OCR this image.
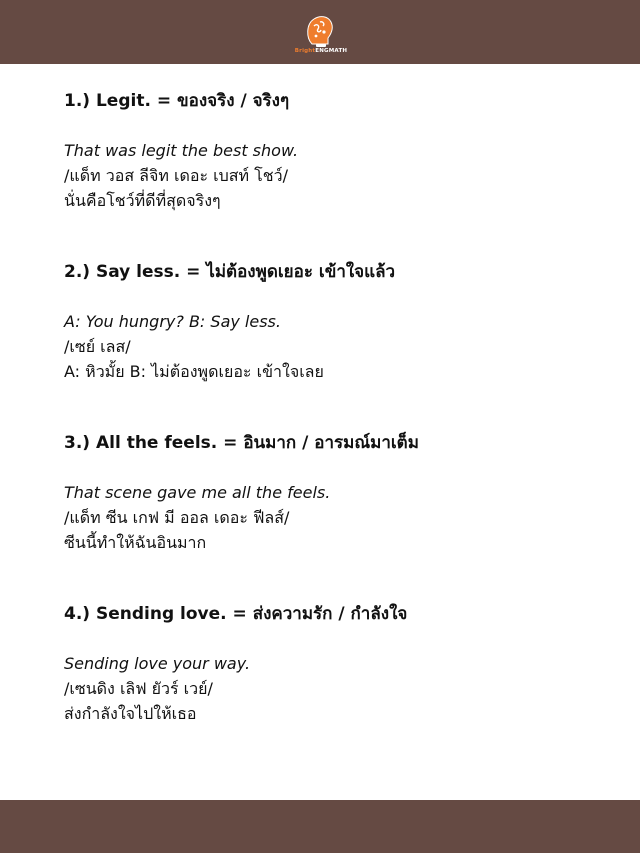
BrightENGMATH

1.) Legit. = ของจริง / จริงๆ

That was legit the best show.

/แด็ท วอส ลีจิท เดอะ เบสท์ โชว์/

นั่นคือโชว์ที่ดีที่สุดจริงๆ

2.) Say less. = ไม่ต้องพูดเยอะ เข้าใจแล้ว

A: You hungry? B: Say less.

/เซย์ เลส/

A: หิวมั้ย B: ไม่ต้องพูดเยอะ เข้าใจเลย

3.) All the feels. = อินมาก / อารมณ์มาเต็ม

That scene gave me all the feels.

/แด็ท ซีน เกฟ มี ออล เดอะ ฟีลส์/

ซีนนี้ทำให้ฉันอินมาก

4.) Sending love. = ส่งความรัก / กำลังใจ

Sending love your way.

/เซนดิง เลิฟ ยัวร์ เวย์/

ส่งกำลังใจไปให้เธอ
